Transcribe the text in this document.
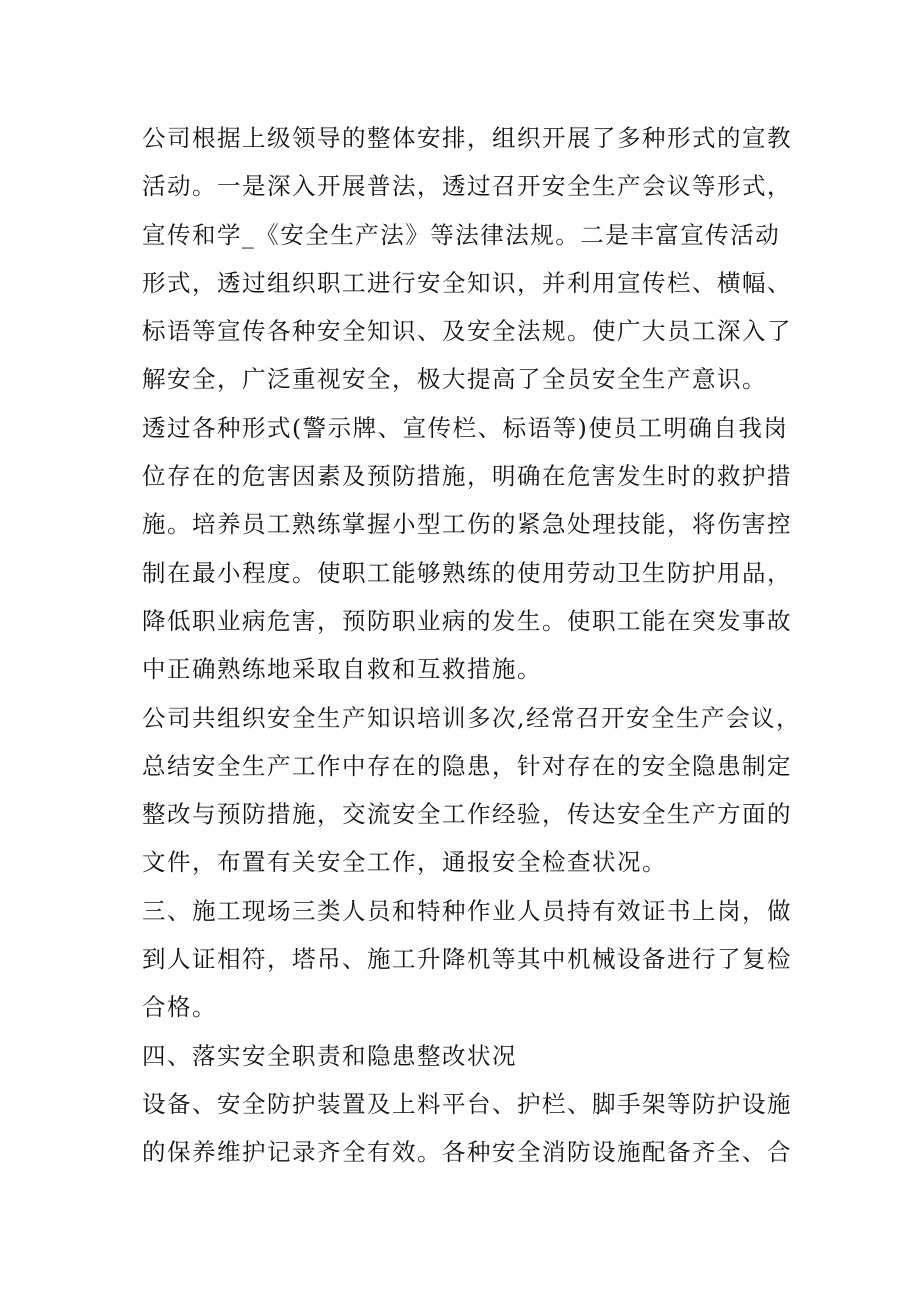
公司根据上级领导的整体安排，组织开展了多种形式的宣教
活动。一是深入开展普法，透过召开安全生产会议等形式，
宣传和学_《安全生产法》等法律法规。二是丰富宣传活动
形式，透过组织职工进行安全知识，并利用宣传栏、横幅、
标语等宣传各种安全知识、及安全法规。使广大员工深入了
解安全，广泛重视安全，极大提高了全员安全生产意识。
透过各种形式(警示牌、宣传栏、标语等)使员工明确自我岗
位存在的危害因素及预防措施，明确在危害发生时的救护措
施。培养员工熟练掌握小型工伤的紧急处理技能，将伤害控
制在最小程度。使职工能够熟练的使用劳动卫生防护用品，
降低职业病危害，预防职业病的发生。使职工能在突发事故
中正确熟练地采取自救和互救措施。
公司共组织安全生产知识培训多次,经常召开安全生产会议，
总结安全生产工作中存在的隐患，针对存在的安全隐患制定
整改与预防措施，交流安全工作经验，传达安全生产方面的
文件，布置有关安全工作，通报安全检查状况。
三、施工现场三类人员和特种作业人员持有效证书上岗，做
到人证相符，塔吊、施工升降机等其中机械设备进行了复检
合格。
四、落实安全职责和隐患整改状况
设备、安全防护装置及上料平台、护栏、脚手架等防护设施
的保养维护记录齐全有效。各种安全消防设施配备齐全、合
